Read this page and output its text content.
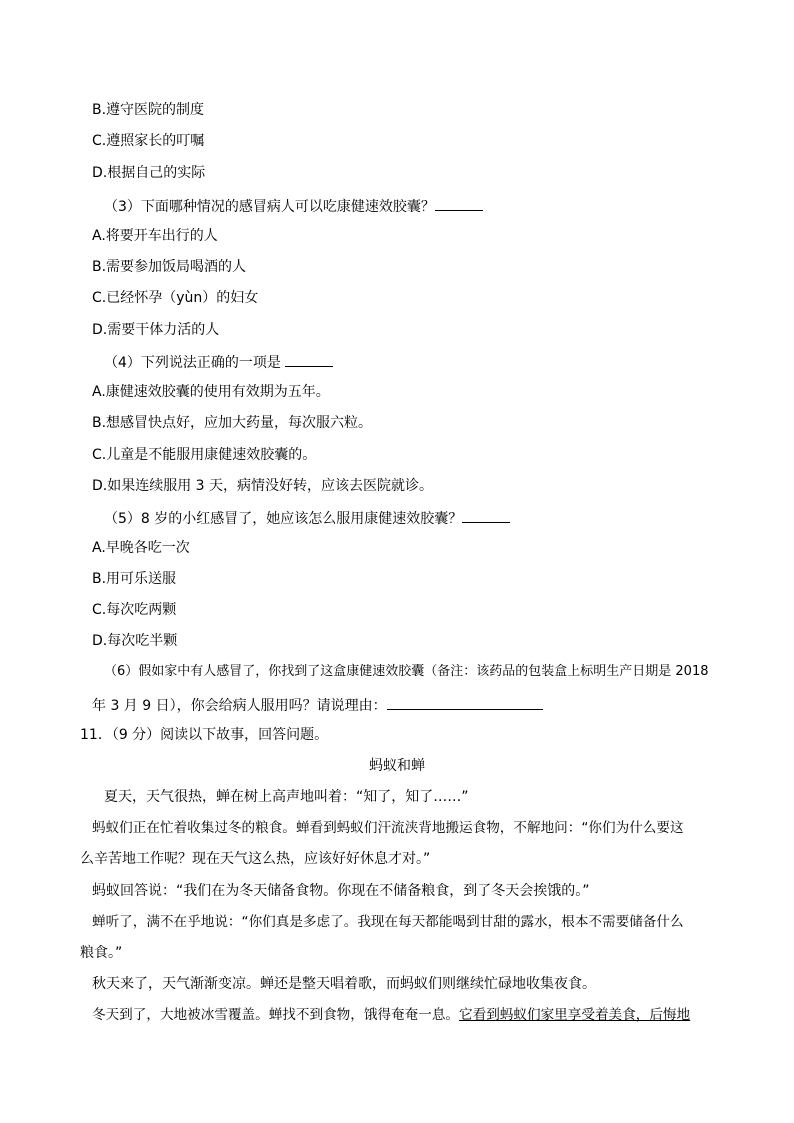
B.遵守医院的制度
C.遵照家长的叮嘱
D.根据自己的实际
（3）下面哪种情况的感冒病人可以吃康健速效胶囊？
A.将要开车出行的人
B.需要参加饭局喝酒的人
C.已经怀孕（yùn）的妇女
D.需要干体力活的人
（4）下列说法正确的一项是
A.康健速效胶囊的使用有效期为五年。
B.想感冒快点好，应加大药量，每次服六粒。
C.儿童是不能服用康健速效胶囊的。
D.如果连续服用 3 天，病情没好转，应该去医院就诊。
（5）8 岁的小红感冒了，她应该怎么服用康健速效胶囊？
A.早晚各吃一次
B.用可乐送服
C.每次吃两颗
D.每次吃半颗
（6）假如家中有人感冒了，你找到了这盒康健速效胶囊（备注：该药品的包装盒上标明生产日期是 2018
年 3 月 9 日），你会给病人服用吗？请说理由：
11．（9 分）阅读以下故事，回答问题。
蚂蚁和蝉
夏天，天气很热，蝉在树上高声地叫着：“知了，知了……”
蚂蚁们正在忙着收集过冬的粮食。蝉看到蚂蚁们汗流浃背地搬运食物，不解地问：“你们为什么要这
么辛苦地工作呢？现在天气这么热，应该好好休息才对。”
蚂蚁回答说：“我们在为冬天储备食物。你现在不储备粮食，到了冬天会挨饿的。”
蝉听了，满不在乎地说：“你们真是多虑了。我现在每天都能喝到甘甜的露水，根本不需要储备什么
粮食。”
秋天来了，天气渐渐变凉。蝉还是整天唱着歌，而蚂蚁们则继续忙碌地收集夜食。
冬天到了，大地被冰雪覆盖。蝉找不到食物，饿得奄奄一息。它看到蚂蚁们家里享受着美食，后悔地
